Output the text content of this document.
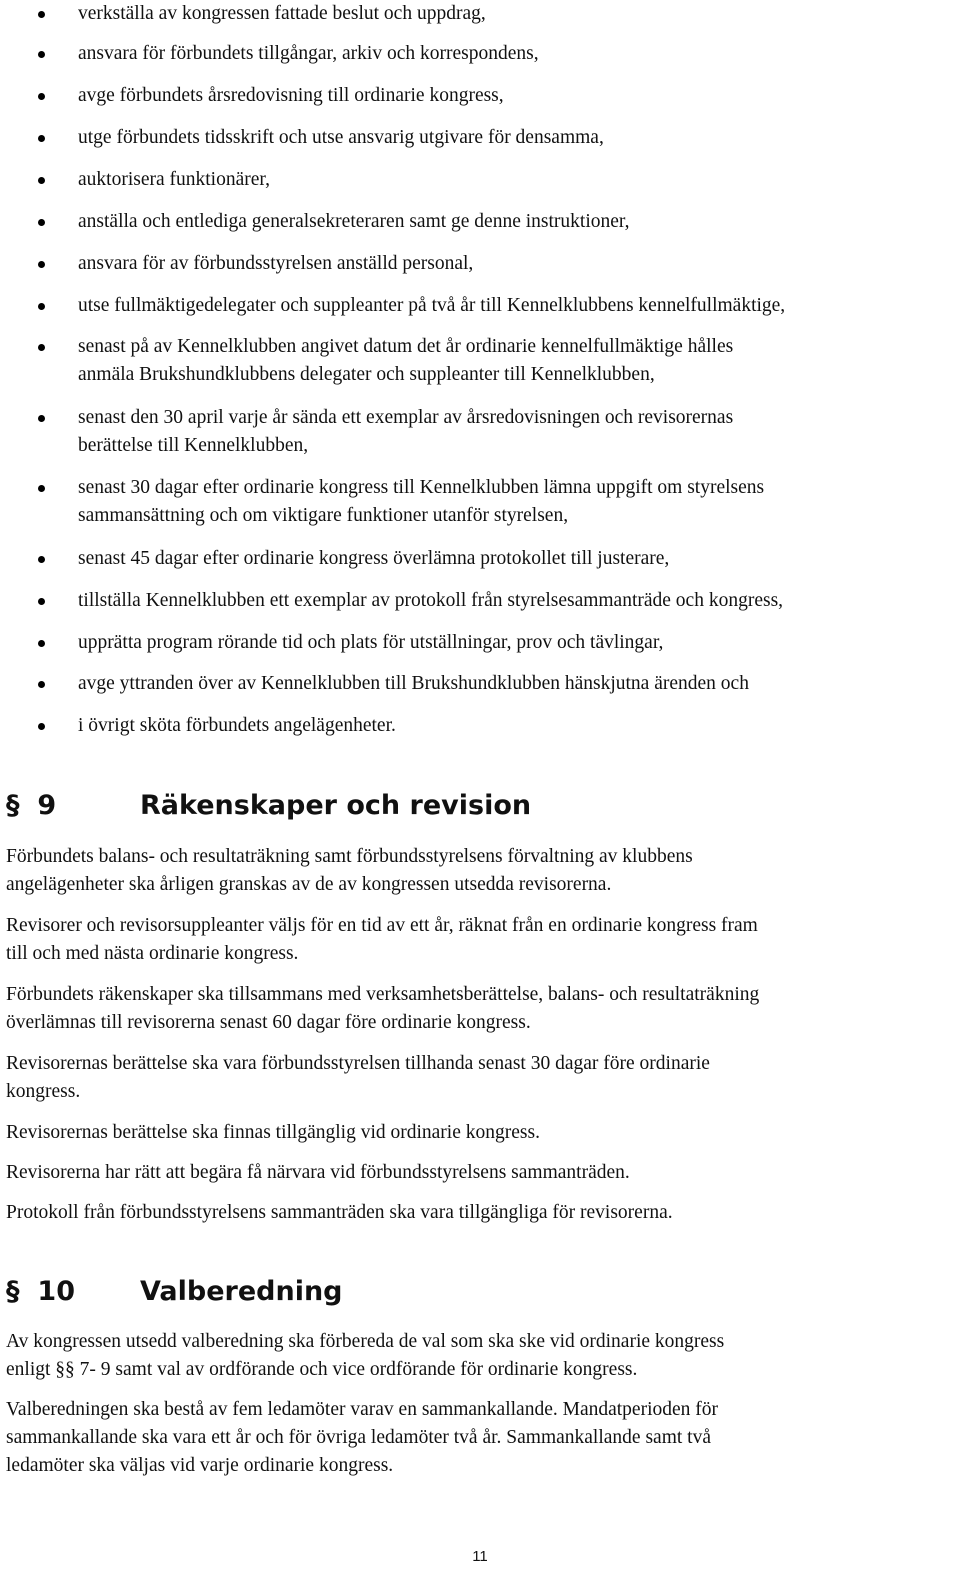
verkställa av kongressen fattade beslut och uppdrag,
ansvara för förbundets tillgångar, arkiv och korrespondens,
avge förbundets årsredovisning till ordinarie kongress,
utge förbundets tidsskrift och utse ansvarig utgivare för densamma,
auktorisera funktionärer,
anställa och entlediga generalsekreteraren samt ge denne instruktioner,
ansvara för av förbundsstyrelsen anställd personal,
utse fullmäktigedelegater och suppleanter på två år till Kennelklubbens kennelfullmäktige,
senast på av Kennelklubben angivet datum det år ordinarie kennelfullmäktige hålles
anmäla Brukshundklubbens delegater och suppleanter till Kennelklubben,
senast den 30 april varje år sända ett exemplar av årsredovisningen och revisorernas
berättelse till Kennelklubben,
senast 30 dagar efter ordinarie kongress till Kennelklubben lämna uppgift om styrelsens
sammansättning och om viktigare funktioner utanför styrelsen,
senast 45 dagar efter ordinarie kongress överlämna protokollet till justerare,
tillställa Kennelklubben ett exemplar av protokoll från styrelsesammanträde och kongress,
upprätta program rörande tid och plats för utställningar, prov och tävlingar,
avge yttranden över av Kennelklubben till Brukshundklubben hänskjutna ärenden och
i övrigt sköta förbundets angelägenheter.
§ 9	Räkenskaper och revision
Förbundets balans- och resultaträkning samt förbundsstyrelsens förvaltning av klubbens
angelägenheter ska årligen granskas av de av kongressen utsedda revisorerna.
Revisorer och revisorsuppleanter väljs för en tid av ett år, räknat från en ordinarie kongress fram
till och med nästa ordinarie kongress.
Förbundets räkenskaper ska tillsammans med verksamhetsberättelse, balans- och resultaträkning
överlämnas till revisorerna senast 60 dagar före ordinarie kongress.
Revisorernas berättelse ska vara förbundsstyrelsen tillhanda senast 30 dagar före ordinarie
kongress.
Revisorernas berättelse ska finnas tillgänglig vid ordinarie kongress.
Revisorerna har rätt att begära få närvara vid förbundsstyrelsens sammanträden.
Protokoll från förbundsstyrelsens sammanträden ska vara tillgängliga för revisorerna.
§ 10 Valberedning
Av kongressen utsedd valberedning ska förbereda de val som ska ske vid ordinarie kongress
enligt §§ 7- 9 samt val av ordförande och vice ordförande för ordinarie kongress.
Valberedningen ska bestå av fem ledamöter varav en sammankallande. Mandatperioden för
sammankallande ska vara ett år och för övriga ledamöter två år. Sammankallande samt två
ledamöter ska väljas vid varje ordinarie kongress.
11
